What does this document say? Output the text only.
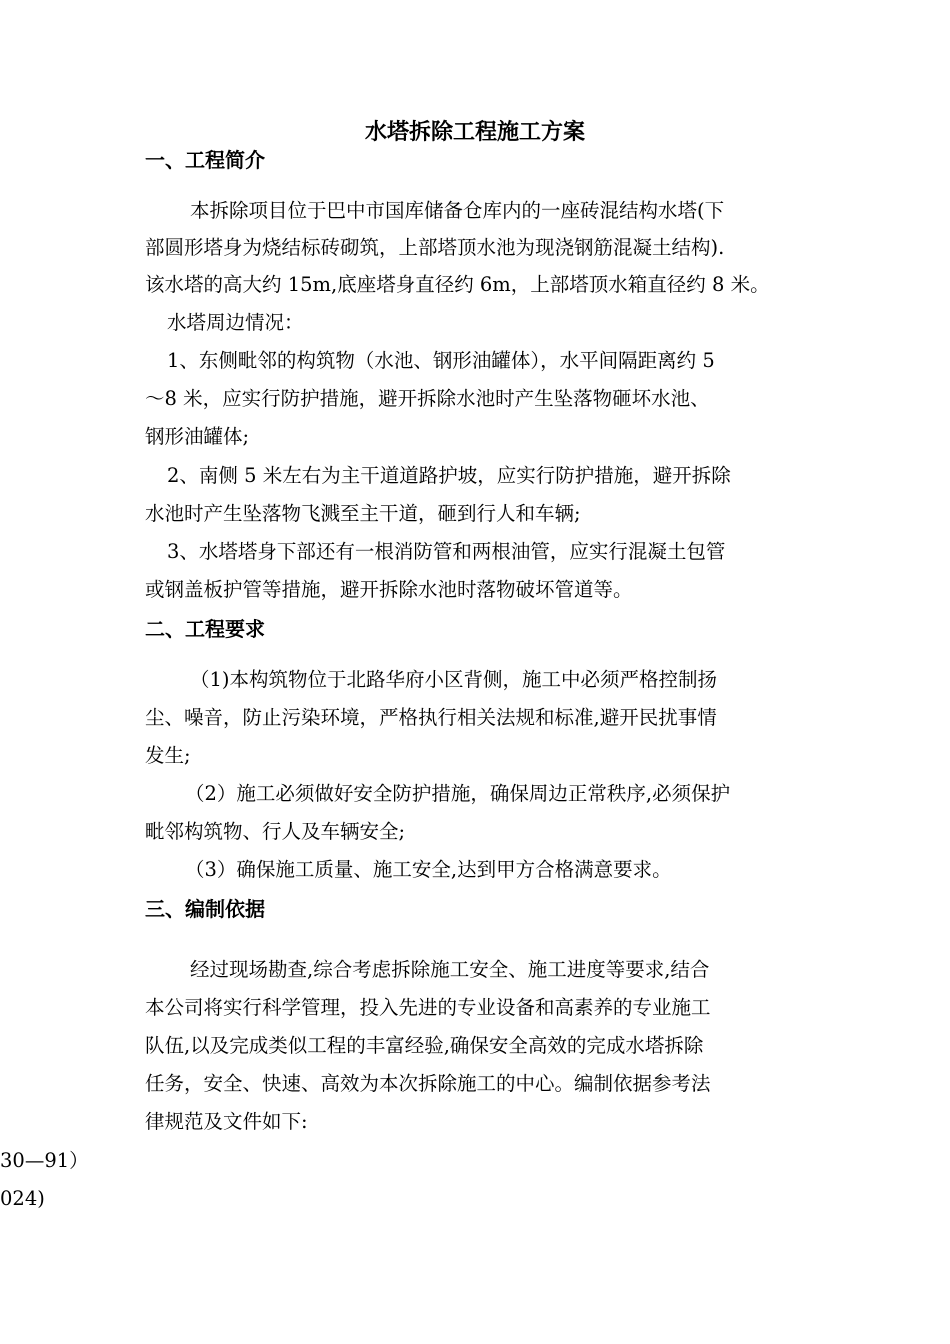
水塔拆除工程施工方案
一、工程简介
本拆除项目位于巴中市国库储备仓库内的一座砖混结构水塔(下
部圆形塔身为烧结标砖砌筑，上部塔顶水池为现浇钢筋混凝土结构).
该水塔的高大约 15m,底座塔身直径约 6m，上部塔顶水箱直径约 8 米。
水塔周边情况：
1、东侧毗邻的构筑物（水池、钢形油罐体），水平间隔距离约 5
～8 米，应实行防护措施，避开拆除水池时产生坠落物砸坏水池、
钢形油罐体;
2、南侧 5 米左右为主干道道路护坡，应实行防护措施，避开拆除
水池时产生坠落物飞溅至主干道，砸到行人和车辆;
3、水塔塔身下部还有一根消防管和两根油管，应实行混凝土包管
或钢盖板护管等措施，避开拆除水池时落物破坏管道等。
二、工程要求
（1)本构筑物位于北路华府小区背侧，施工中必须严格控制扬
尘、噪音，防止污染环境，严格执行相关法规和标准,避开民扰事情
发生;
（2）施工必须做好安全防护措施，确保周边正常秩序,必须保护
毗邻构筑物、行人及车辆安全;
（3）确保施工质量、施工安全,达到甲方合格满意要求。
三、编制依据
经过现场勘查,综合考虑拆除施工安全、施工进度等要求,结合
本公司将实行科学管理，投入先进的专业设备和高素养的专业施工
队伍,以及完成类似工程的丰富经验,确保安全高效的完成水塔拆除
任务，安全、快速、高效为本次拆除施工的中心。编制依据参考法
律规范及文件如下:
30—91）
024)
